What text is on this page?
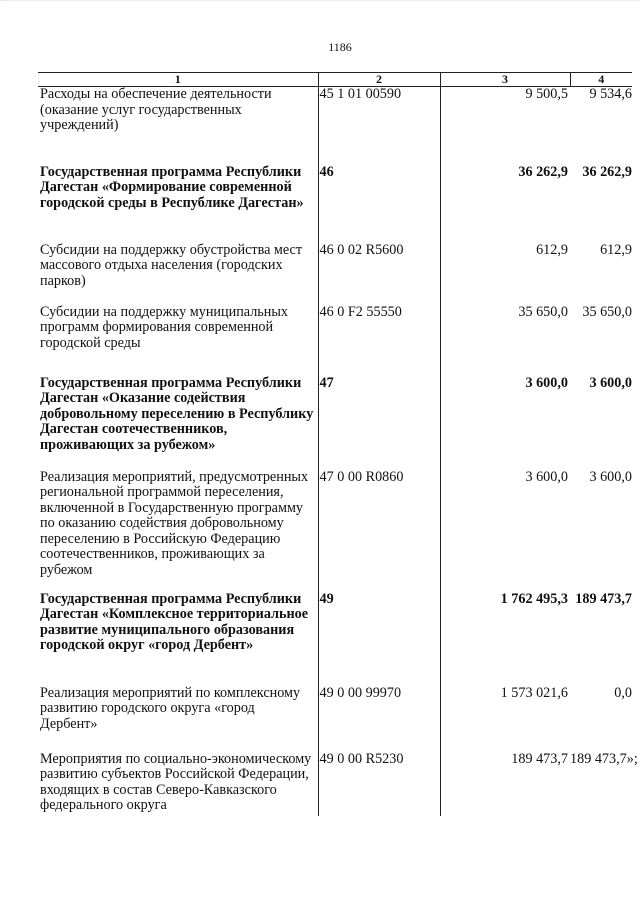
1186
1	2	3	4
Расходы на обеспечение деятельности (оказание услуг государственных учреждений)	45 1 01 00590	9 500,5	9 534,6
Государственная программа Республики Дагестан «Формирование современной городской среды в Республике Дагестан»	46	36 262,9	36 262,9
Субсидии на поддержку обустройства мест массового отдыха населения (городских парков)	46 0 02 R5600	612,9	612,9
Субсидии на поддержку муниципальных программ формирования современной городской среды	46 0 F2 55550	35 650,0	35 650,0
Государственная программа Республики Дагестан «Оказание содействия добровольному переселению в Республику Дагестан соотечественников, проживающих за рубежом»	47	3 600,0	3 600,0
Реализация мероприятий, предусмотренных региональной программой переселения, включенной в Государственную программу по оказанию содействия добровольному переселению в Российскую Федерацию соотечественников, проживающих за рубежом	47 0 00 R0860	3 600,0	3 600,0
Государственная программа Республики Дагестан «Комплексное территориальное развитие муниципального образования городской округ «город Дербент»	49	1 762 495,3	189 473,7
Реализация мероприятий по комплексному развитию городского округа «город Дербент»	49 0 00 99970	1 573 021,6	0,0
Мероприятия по социально-экономическому развитию субъектов Российской Федерации, входящих в состав Северо-Кавказского федерального округа	49 0 00 R5230	189 473,7	189 473,7»;
